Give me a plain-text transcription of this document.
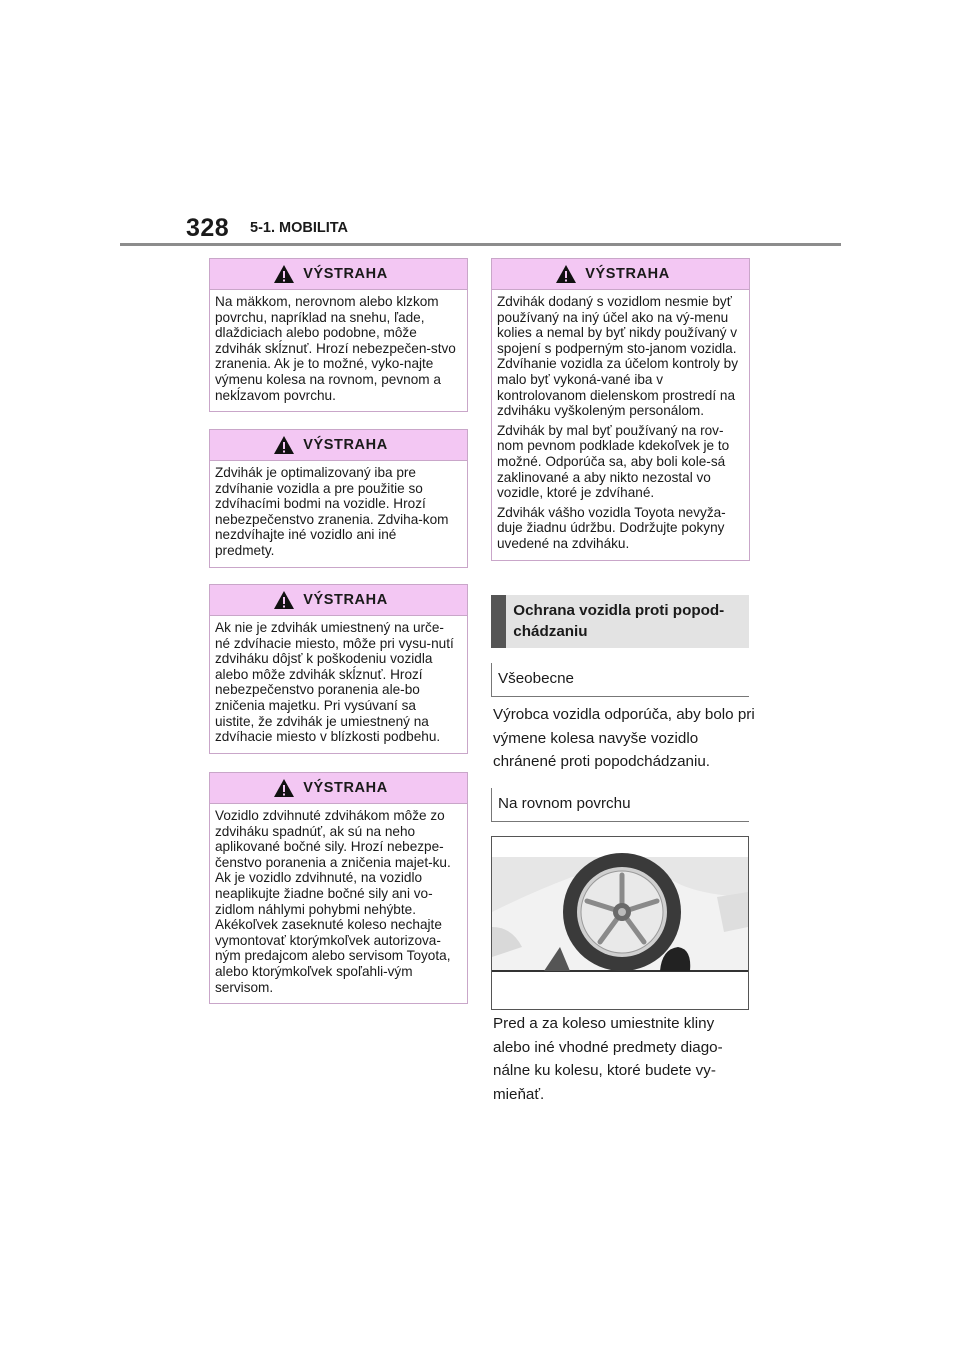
328 5-1. MOBILITA
VÝSTRAHA

Na mäkkom, nerovnom alebo klzkom povrchu, napríklad na snehu, ľade, dlaždiciach alebo podobne, môže zdvihák skĺznuť. Hrozí nebezpečen-stvo zranenia. Ak je to možné, vyko-najte výmenu kolesa na rovnom, pevnom a nekĺzavom povrchu.

VÝSTRAHA

Zdvihák je optimalizovaný iba pre zdvíhanie vozidla a pre použitie so zdvíhacími bodmi na vozidle. Hrozí nebezpečenstvo zranenia. Zdviha-kom nezdvíhajte iné vozidlo ani iné predmety.

VÝSTRAHA

Ak nie je zdvihák umiestnený na urče-né zdvíhacie miesto, môže pri vysu-nutí zdviháku dôjsť k poškodeniu vozidla alebo môže zdvihák skĺznuť. Hrozí nebezpečenstvo poranenia ale-bo zničenia majetku. Pri vysúvaní sa uistite, že zdvihák je umiestnený na zdvíhacie miesto v blízkosti podbehu.

VÝSTRAHA

Vozidlo zdvihnuté zdvihákom môže zo zdviháku spadnúť, ak sú na neho aplikované bočné sily. Hrozí nebezpe-čenstvo poranenia a zničenia majet-ku. Ak je vozidlo zdvihnuté, na vozidlo neaplikujte žiadne bočné sily ani vo-zidlom náhlymi pohybmi nehýbte. Akékoľvek zaseknuté koleso nechajte vymontovať ktorýmkoľvek autorizova-ným predajcom alebo servisom Toyota, alebo ktorýmkoľvek spoľahli-vým servisom.

VÝSTRAHA

Zdvihák dodaný s vozidlom nesmie byť používaný na iný účel ako na vý-menu kolies a nemal by byť nikdy používaný v spojení s podperným sto-janom vozidla. Zdvíhanie vozidla za účelom kontroly by malo byť vykoná-vané iba v kontrolovanom dielenskom prostredí na zdviháku vyškoleným personálom.

Zdvihák by mal byť používaný na rov-nom pevnom podklade kdekoľvek je to možné. Odporúča sa, aby boli kole-sá zaklinované a aby nikto nezostal vo vozidle, ktoré je zdvíhané.

Zdvihák vášho vozidla Toyota nevyža-duje žiadnu údržbu. Dodržujte pokyny uvedené na zdviháku.

Ochrana vozidla proti popod-chádzaniu
Všeobecne

Výrobca vozidla odporúča, aby bolo pri výmene kolesa navyše vozidlo chránené proti popodchádzaniu.

Na rovnom povrchu

Pred a za koleso umiestnite kliny alebo iné vhodné predmety diago-nálne ku kolesu, ktoré budete vy-mieňať.
